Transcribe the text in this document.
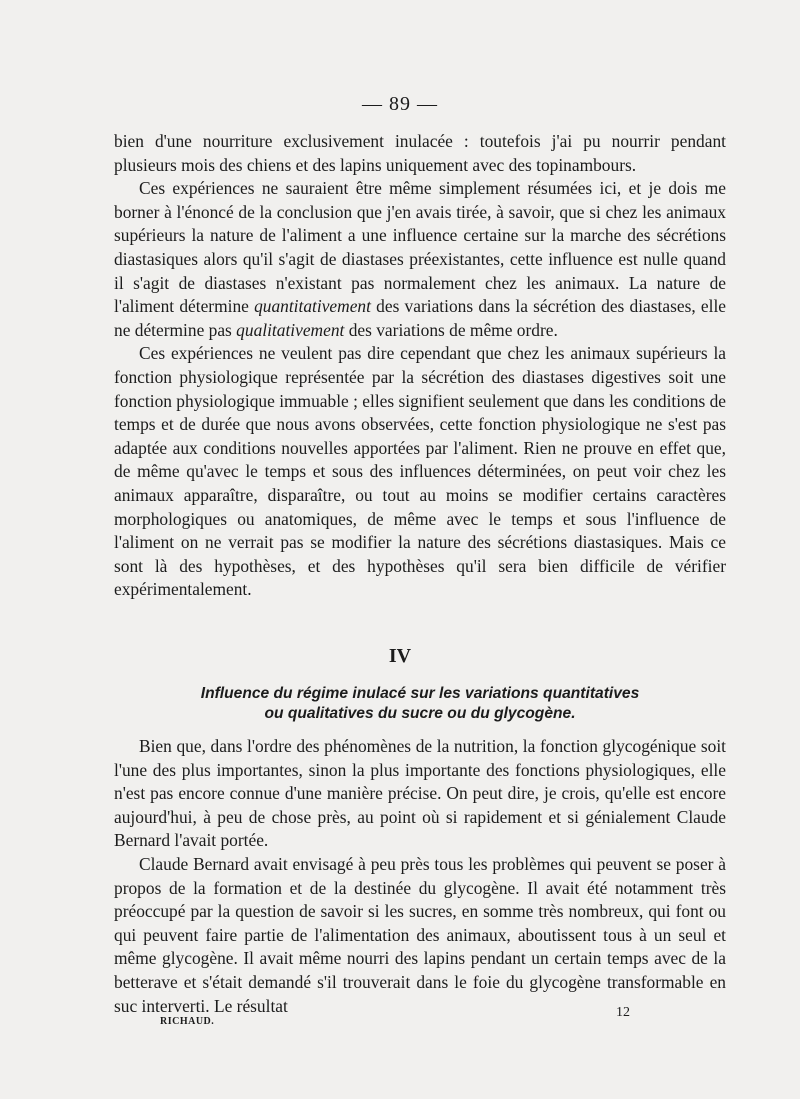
— 89 —

bien d'une nourriture exclusivement inulacée : toutefois j'ai pu nourrir pendant plusieurs mois des chiens et des lapins uniquement avec des topinambours.

Ces expériences ne sauraient être même simplement résumées ici, et je dois me borner à l'énoncé de la conclusion que j'en avais tirée, à savoir, que si chez les animaux supérieurs la nature de l'aliment a une influence certaine sur la marche des sécrétions diastasiques alors qu'il s'agit de diastases préexistantes, cette influence est nulle quand il s'agit de diastases n'existant pas normalement chez les animaux. La nature de l'aliment détermine quantitativement des variations dans la sécrétion des diastases, elle ne détermine pas qualitativement des variations de même ordre.

Ces expériences ne veulent pas dire cependant que chez les animaux supérieurs la fonction physiologique représentée par la sécrétion des diastases digestives soit une fonction physiologique immuable ; elles signifient seulement que dans les conditions de temps et de durée que nous avons observées, cette fonction physiologique ne s'est pas adaptée aux conditions nouvelles apportées par l'aliment. Rien ne prouve en effet que, de même qu'avec le temps et sous des influences déterminées, on peut voir chez les animaux apparaître, disparaître, ou tout au moins se modifier certains caractères morphologiques ou anatomiques, de même avec le temps et sous l'influence de l'aliment on ne verrait pas se modifier la nature des sécrétions diastasiques. Mais ce sont là des hypothèses, et des hypothèses qu'il sera bien difficile de vérifier expérimentalement.

IV
Influence du régime inulacé sur les variations quantitatives
ou qualitatives du sucre ou du glycogène.

Bien que, dans l'ordre des phénomènes de la nutrition, la fonction glycogénique soit l'une des plus importantes, sinon la plus importante des fonctions physiologiques, elle n'est pas encore connue d'une manière précise. On peut dire, je crois, qu'elle est encore aujourd'hui, à peu de chose près, au point où si rapidement et si génialement Claude Bernard l'avait portée.

Claude Bernard avait envisagé à peu près tous les problèmes qui peuvent se poser à propos de la formation et de la destinée du glycogène. Il avait été notamment très préoccupé par la question de savoir si les sucres, en somme très nombreux, qui font ou qui peuvent faire partie de l'alimentation des animaux, aboutissent tous à un seul et même glycogène. Il avait même nourri des lapins pendant un certain temps avec de la betterave et s'était demandé s'il trouverait dans le foie du glycogène transformable en suc interverti. Le résultat

RICHAUD.
12
